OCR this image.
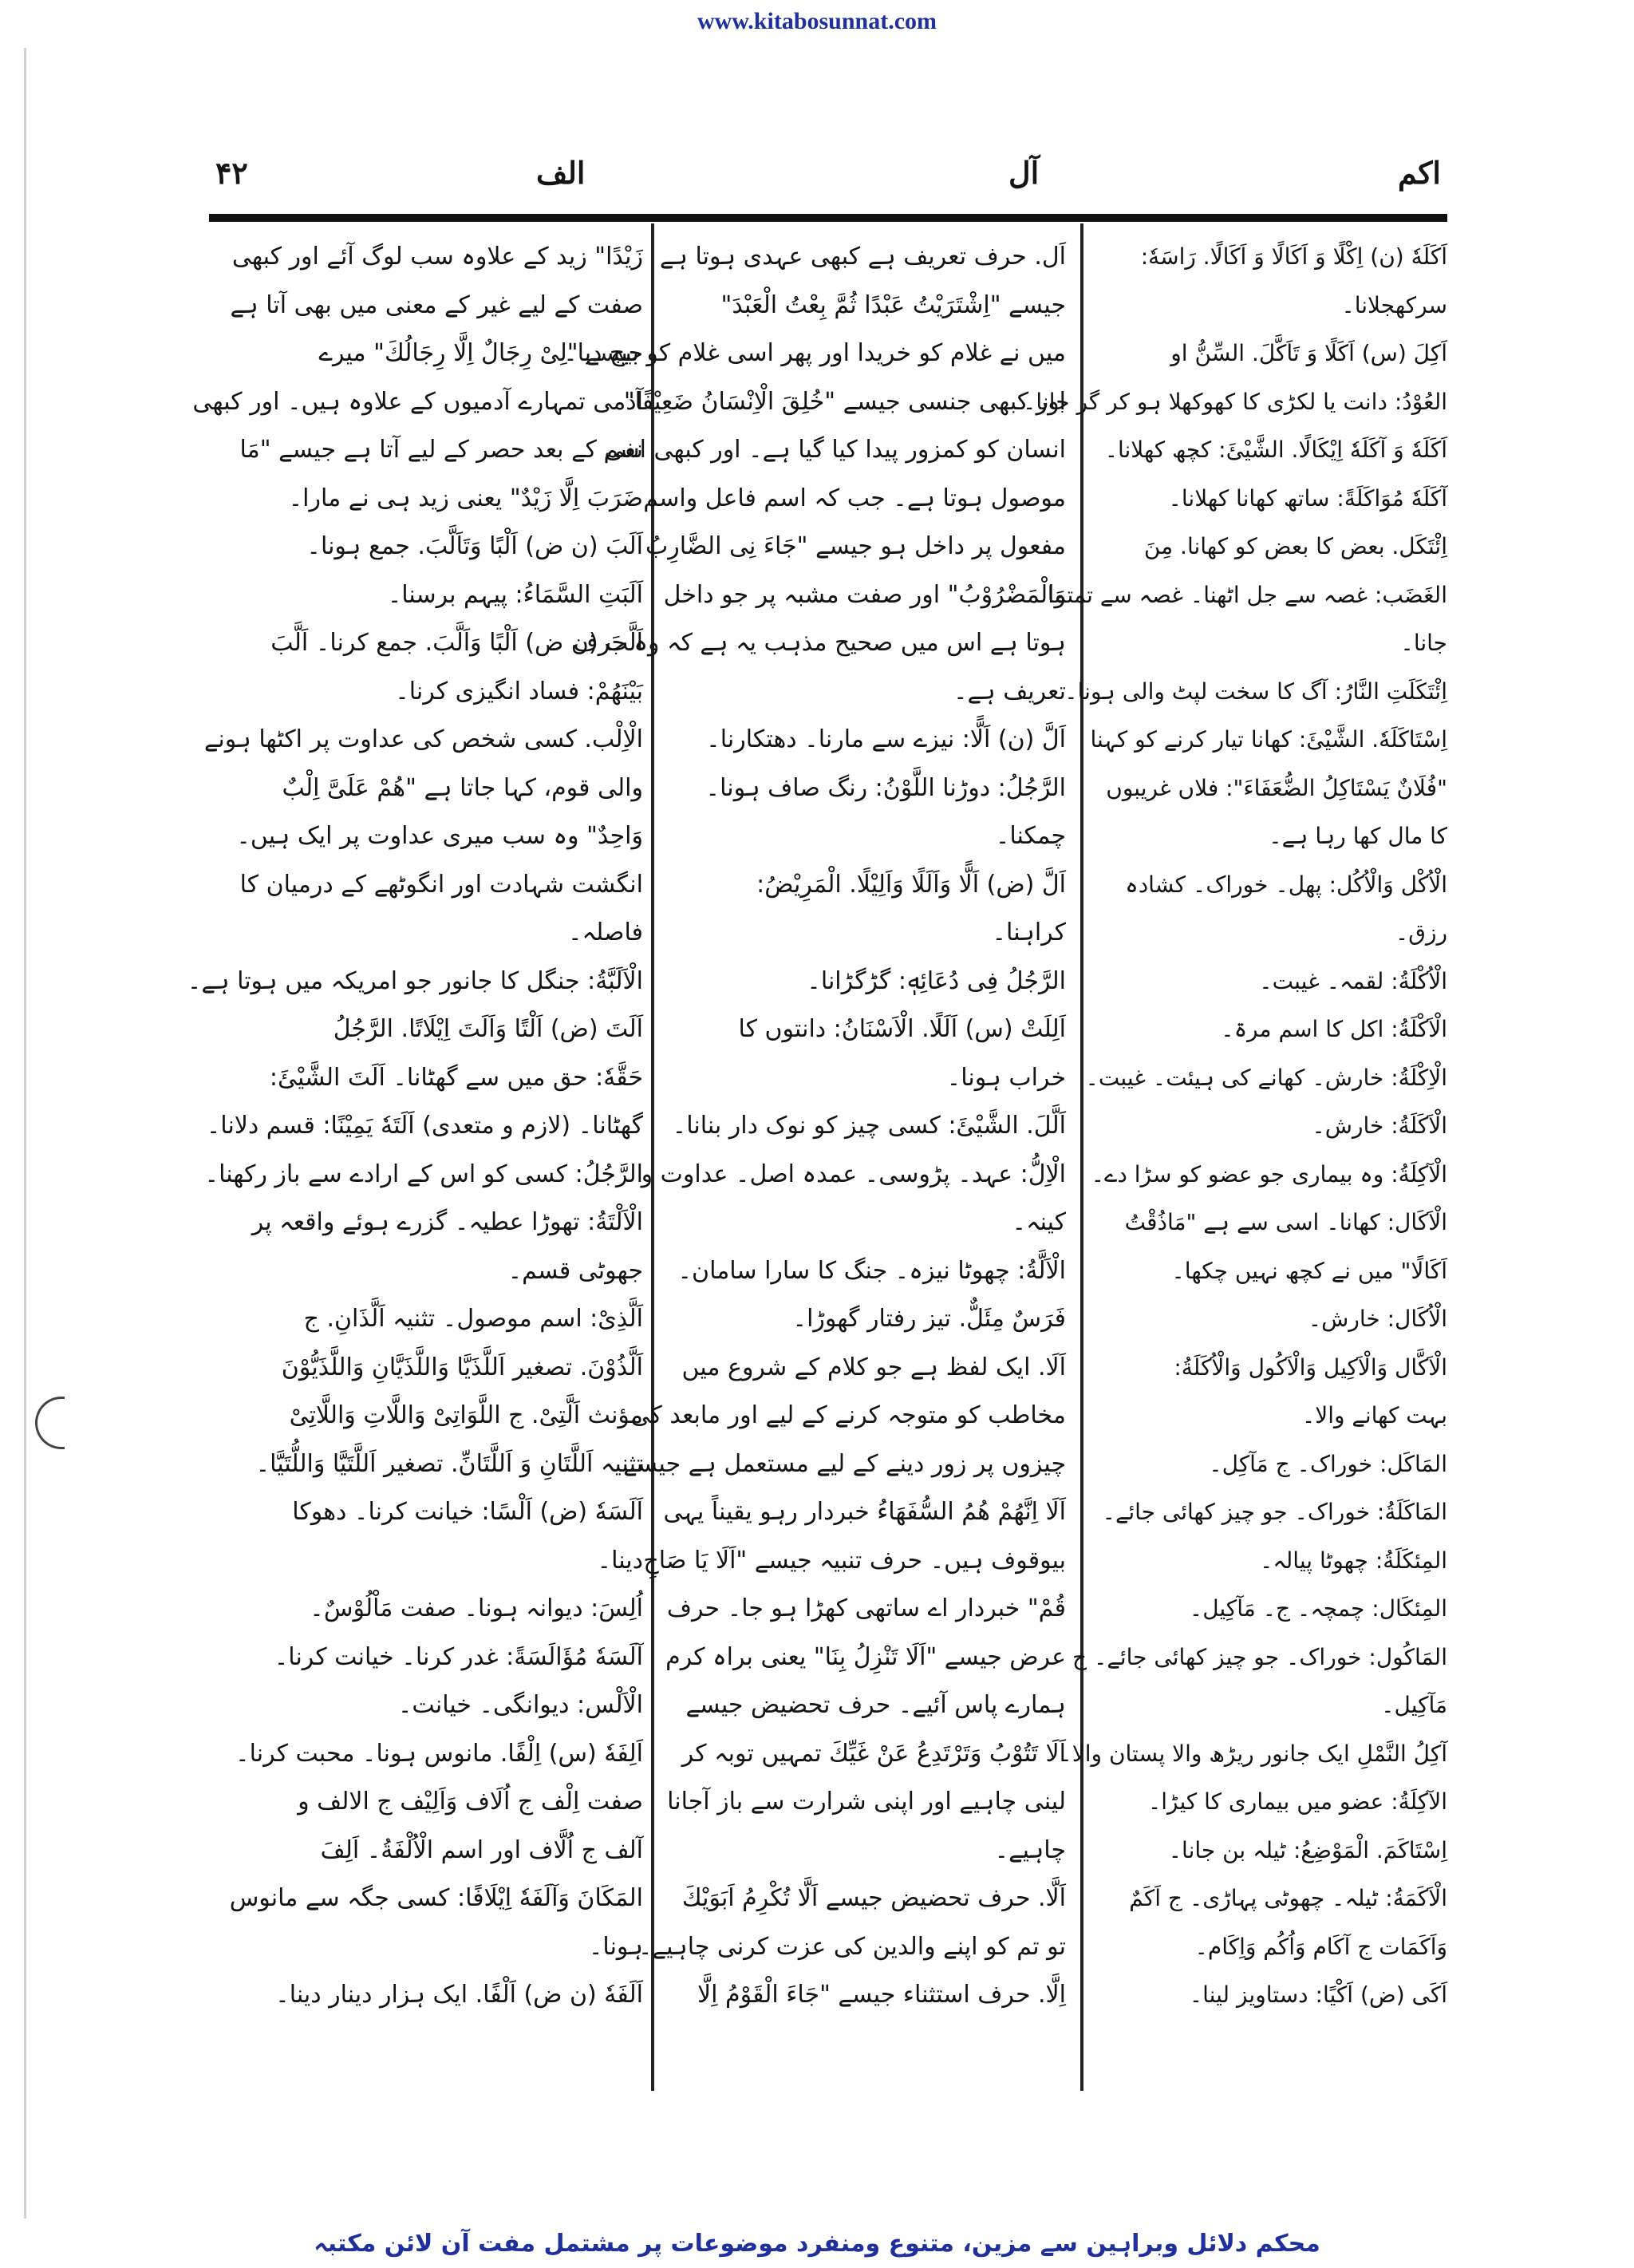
www.kitabosunnat.com
۴۲	الف	آل	اکم
اَکَلَهٗ (ن) اِکْلًا وَ اَکَالًا وَ اَکَالًا. رَاسَهٗ:
سرکھجلانا۔
اَکِلَ (س) اَکَلًا وَ تَاَکَّلَ. السِّنُّ او
العُوْدُ: دانت یا لکڑی کا کھوکھلا ہو کر گر جانا۔
اَکَلَهٗ وَ آکَلَهٗ اِیْکَالًا. الشَّیْئَ: کچھ کھلانا۔
آکَلَهٗ مُوَاکَلَةً: ساتھ کھانا کھلانا۔
اِئْتَکَل. بعض کا بعض کو کھانا. مِنَ
الغَضَب: غصہ سے جل اٹھنا۔ غصہ سے تمتما
جانا۔
اِئْتَکَلَتِ النَّارُ: آگ کا سخت لپٹ والی ہونا۔
اِسْتَاکَلَهٗ. الشَّیْئَ: کھانا تیار کرنے کو کہنا
"فُلَانٌ یَسْتَاکِلُ الضُّعَفَاءَ": فلاں غریبوں
کا مال کھا رہا ہے۔
الْاُکْل وَالْاُکُل: پھل۔ خوراک۔ کشادہ
رزق۔
الْاُکْلَةُ: لقمہ۔ غیبت۔
الْاَکْلَةُ: اکل کا اسم مرۃ۔
الْاِکْلَةُ: خارش۔ کھانے کی ہیئت۔ غیبت۔
الْاَکَلَةُ: خارش۔
الْآکِلَةُ: وہ بیماری جو عضو کو سڑا دے۔
الْاَکَال: کھانا۔ اسی سے ہے "مَاذُقْتُ
اَکَالًا" میں نے کچھ نہیں چکھا۔
الْاُکَال: خارش۔
الْاَکَّال وَالْاَکِیل وَالْاَکُول وَالْاُکَلَةُ:
بہت کھانے والا۔
المَاکَل: خوراک۔ ج مَآکِل۔
المَاکَلَةُ: خوراک۔ جو چیز کھائی جائے۔
المِئکَلَةُ: چھوٹا پیالہ۔
المِئکَال: چمچہ۔ ج۔ مَآکِیل۔
المَاکُول: خوراک۔ جو چیز کھائی جائے۔ ج
مَآکِیل۔
آکِلُ النَّمْلِ ایک جانور ریڑھ والا پستان والا۔
الآکِلَةُ: عضو میں بیماری کا کیڑا۔
اِسْتَاکَمَ. الْمَوْضِعُ: ٹیلہ بن جانا۔
الْاَکَمَةُ: ٹیلہ۔ چھوٹی پہاڑی۔ ج اَکَمٌ
وَاَکَمَات ج آکَام وَاُکُم وَاِکَام۔
اَکَی (ض) اَکْیًا: دستاویز لینا۔
اَل. حرف تعریف ہے کبھی عہدی ہوتا ہے
جیسے "اِشْتَرَیْتُ عَبْدًا ثُمَّ بِعْتُ الْعَبْدَ"
میں نے غلام کو خریدا اور پھر اسی غلام کو بیچ دیا۔
اور کبھی جنسی جیسے "خُلِقَ الْاِنْسَانُ ضَعِیْفًا"
انسان کو کمزور پیدا کیا گیا ہے۔ اور کبھی اسم
موصول ہوتا ہے۔ جب کہ اسم فاعل واسم
مفعول پر داخل ہو جیسے "جَاءَ نِی الضَّارِبُ
وَالْمَضْرُوْبُ" اور صفت مشبہ پر جو داخل
ہوتا ہے اس میں صحیح مذہب یہ ہے کہ وہ حرف
تعریف ہے۔
اَلَّ (ن) اَلًّا: نیزے سے مارنا۔ دھتکارنا۔
الرَّجُلُ: دوڑنا اللَّوْنُ: رنگ صاف ہونا۔
چمکنا۔
اَلَّ (ض) اَلًّا وَاَلَلًا وَاَلِیْلًا. الْمَرِیْضُ:
کراہنا۔
الرَّجُلُ فِی دُعَائِهٖ: گڑگڑانا۔
اَلِلَتْ (س) اَلَلًا. الْاَسْنَانُ: دانتوں کا
خراب ہونا۔
اَلَّلَ. الشَّیْئَ: کسی چیز کو نوک دار بنانا۔
الْاِلُّ: عہد۔ پڑوسی۔ عمدہ اصل۔ عداوت و
کینہ۔
الْاَلَّةُ: چھوٹا نیزہ۔ جنگ کا سارا سامان۔
فَرَسٌ مِئَلٌّ. تیز رفتار گھوڑا۔
اَلَا. ایک لفظ ہے جو کلام کے شروع میں
مخاطب کو متوجہ کرنے کے لیے اور مابعد کی
چیزوں پر زور دینے کے لیے مستعمل ہے جیسے
اَلَا اِنَّهُمْ هُمُ السُّفَهَاءُ خبردار رہو یقیناً یہی
بیوقوف ہیں۔ حرف تنبیہ جیسے "اَلَا یَا صَاحِ
قُمْ" خبردار اے ساتھی کھڑا ہو جا۔ حرف
عرض جیسے "اَلَا تَنْزِلُ بِنَا" یعنی براہ کرم
ہمارے پاس آئیے۔ حرف تحضیض جیسے
اَلَا تَتُوْبُ وَتَرْتَدِعُ عَنْ غَیِّكَ تمہیں توبہ کر
لینی چاہیے اور اپنی شرارت سے باز آجانا
چاہیے۔
اَلَّا. حرف تحضیض جیسے اَلَّا تُکْرِمُ اَبَوَیْكَ
تو تم کو اپنے والدین کی عزت کرنی چاہیے۔
اِلَّا. حرف استثناء جیسے "جَاءَ الْقَوْمُ اِلَّا
زَیْدًا" زید کے علاوہ سب لوگ آئے اور کبھی
صفت کے لیے غیر کے معنی میں بھی آتا ہے
جیسے "لِیْ رِجَالٌ اِلَّا رِجَالُكَ" میرے
آدمی تمہارے آدمیوں کے علاوہ ہیں۔ اور کبھی
نفی کے بعد حصر کے لیے آتا ہے جیسے "مَا
ضَرَبَ اِلَّا زَیْدٌ" یعنی زید ہی نے مارا۔
اَلَبَ (ن ض) اَلْبًا وَتَاَلَّبَ. جمع ہونا۔
اَلَبَتِ السَّمَاءُ: پیہم برسنا۔
اَلَّبَ (ن ض) اَلْبًا وَاَلَّبَ. جمع کرنا۔ اَلَّبَ
بَیْنَهُمْ: فساد انگیزی کرنا۔
الْاِلْب. کسی شخص کی عداوت پر اکٹھا ہونے
والی قوم، کہا جاتا ہے "هُمْ عَلَیَّ اِلْبٌ
وَاحِدٌ" وہ سب میری عداوت پر ایک ہیں۔
انگشت شہادت اور انگوٹھے کے درمیان کا
فاصلہ۔
الْاَلَبَّةُ: جنگل کا جانور جو امریکہ میں ہوتا ہے۔
اَلَتَ (ض) اَلْتًا وَاَلَتَ اِیْلَاتًا. الرَّجُلُ
حَقَّهٗ: حق میں سے گھٹانا۔ اَلَتَ الشَّیْئَ:
گھٹانا۔ (لازم و متعدی) اَلَتَهٗ یَمِیْنًا: قسم دلانا۔
الرَّجُلُ: کسی کو اس کے ارادے سے باز رکھنا۔
الْاَلْتَةُ: تھوڑا عطیہ۔ گزرے ہوئے واقعہ پر
جھوٹی قسم۔
اَلَّذِیْ: اسم موصول۔ تثنیہ اَلَّذَانِ. ج
اَلَّذُوْنَ. تصغیر اَللَّذَیَّا وَاللَّذَیَّانِ وَاللَّذَیُّوْنَ
مؤنث اَلَّتِیْ. ج اللَّوَاتِیْ وَاللَّاتِ وَاللَّاتِیْ
تثنیہ اَللَّتَانِ وَ اَللَّتَانِّ. تصغیر اَللَّتَیَّا وَاللُّتَیَّا۔
اَلَسَهٗ (ض) اَلْسًا: خیانت کرنا۔ دھوکا
دینا۔
اُلِسَ: دیوانہ ہونا۔ صفت مَاْلُوْسٌ۔
آلَسَهٗ مُؤَالَسَةً: غدر کرنا۔ خیانت کرنا۔
الْاَلْس: دیوانگی۔ خیانت۔
اَلِفَهٗ (س) اِلْفًا. مانوس ہونا۔ محبت کرنا۔
صفت اِلْف ج اُلَاف وَاَلِیْف ج الالف و
آلف ج اُلَّاف اور اسم الْاُلْفَةُ۔ اَلِفَ
المَکَانَ وَآلَفَهٗ اِیْلَافًا: کسی جگہ سے مانوس
ہونا۔
اَلَفَهٗ (ن ض) اَلْفًا. ایک ہزار دینار دینا۔
محکم دلائل وبراہین سے مزین، متنوع ومنفرد موضوعات پر مشتمل مفت آن لائن مکتبہ
